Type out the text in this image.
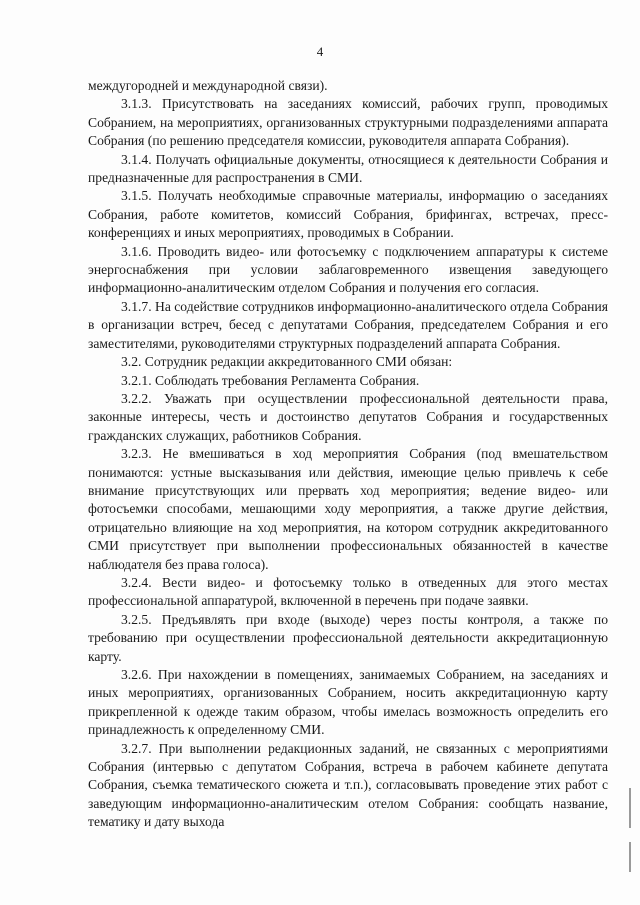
4

междугородней и международной связи).

3.1.3. Присутствовать на заседаниях комиссий, рабочих групп, проводимых Собранием, на мероприятиях, организованных структурными подразделениями аппарата Собрания (по решению председателя комиссии, руководителя аппарата Собрания).

3.1.4. Получать официальные документы, относящиеся к деятельности Собрания и предназначенные для распространения в СМИ.

3.1.5. Получать необходимые справочные материалы, информацию о заседаниях Собрания, работе комитетов, комиссий Собрания, брифингах, встречах, пресс-конференциях и иных мероприятиях, проводимых в Собрании.

3.1.6. Проводить видео- или фотосъемку с подключением аппаратуры к системе энергоснабжения при условии заблаговременного извещения заведующего информационно-аналитическим отделом Собрания и получения его согласия.

3.1.7. На содействие сотрудников информационно-аналитического отдела Собрания в организации встреч, бесед с депутатами Собрания, председателем Собрания и его заместителями, руководителями структурных подразделений аппарата Собрания.

3.2. Сотрудник редакции аккредитованного СМИ обязан:

3.2.1. Соблюдать требования Регламента Собрания.

3.2.2. Уважать при осуществлении профессиональной деятельности права, законные интересы, честь и достоинство депутатов Собрания и государственных гражданских служащих, работников Собрания.

3.2.3. Не вмешиваться в ход мероприятия Собрания (под вмешательством понимаются: устные высказывания или действия, имеющие целью привлечь к себе внимание присутствующих или прервать ход мероприятия; ведение видео- или фотосъемки способами, мешающими ходу мероприятия, а также другие действия, отрицательно влияющие на ход мероприятия, на котором сотрудник аккредитованного СМИ присутствует при выполнении профессиональных обязанностей в качестве наблюдателя без права голоса).

3.2.4. Вести видео- и фотосъемку только в отведенных для этого местах профессиональной аппаратурой, включенной в перечень при подаче заявки.

3.2.5. Предъявлять при входе (выходе) через посты контроля, а также по требованию при осуществлении профессиональной деятельности аккредитационную карту.

3.2.6. При нахождении в помещениях, занимаемых Собранием, на заседаниях и иных мероприятиях, организованных Собранием, носить аккредитационную карту прикрепленной к одежде таким образом, чтобы имелась возможность определить его принадлежность к определенному СМИ.

3.2.7. При выполнении редакционных заданий, не связанных с мероприятиями Собрания (интервью с депутатом Собрания, встреча в рабочем кабинете депутата Собрания, съемка тематического сюжета и т.п.), согласовывать проведение этих работ с заведующим информационно-аналитическим отелом Собрания: сообщать название, тематику и дату выхода
